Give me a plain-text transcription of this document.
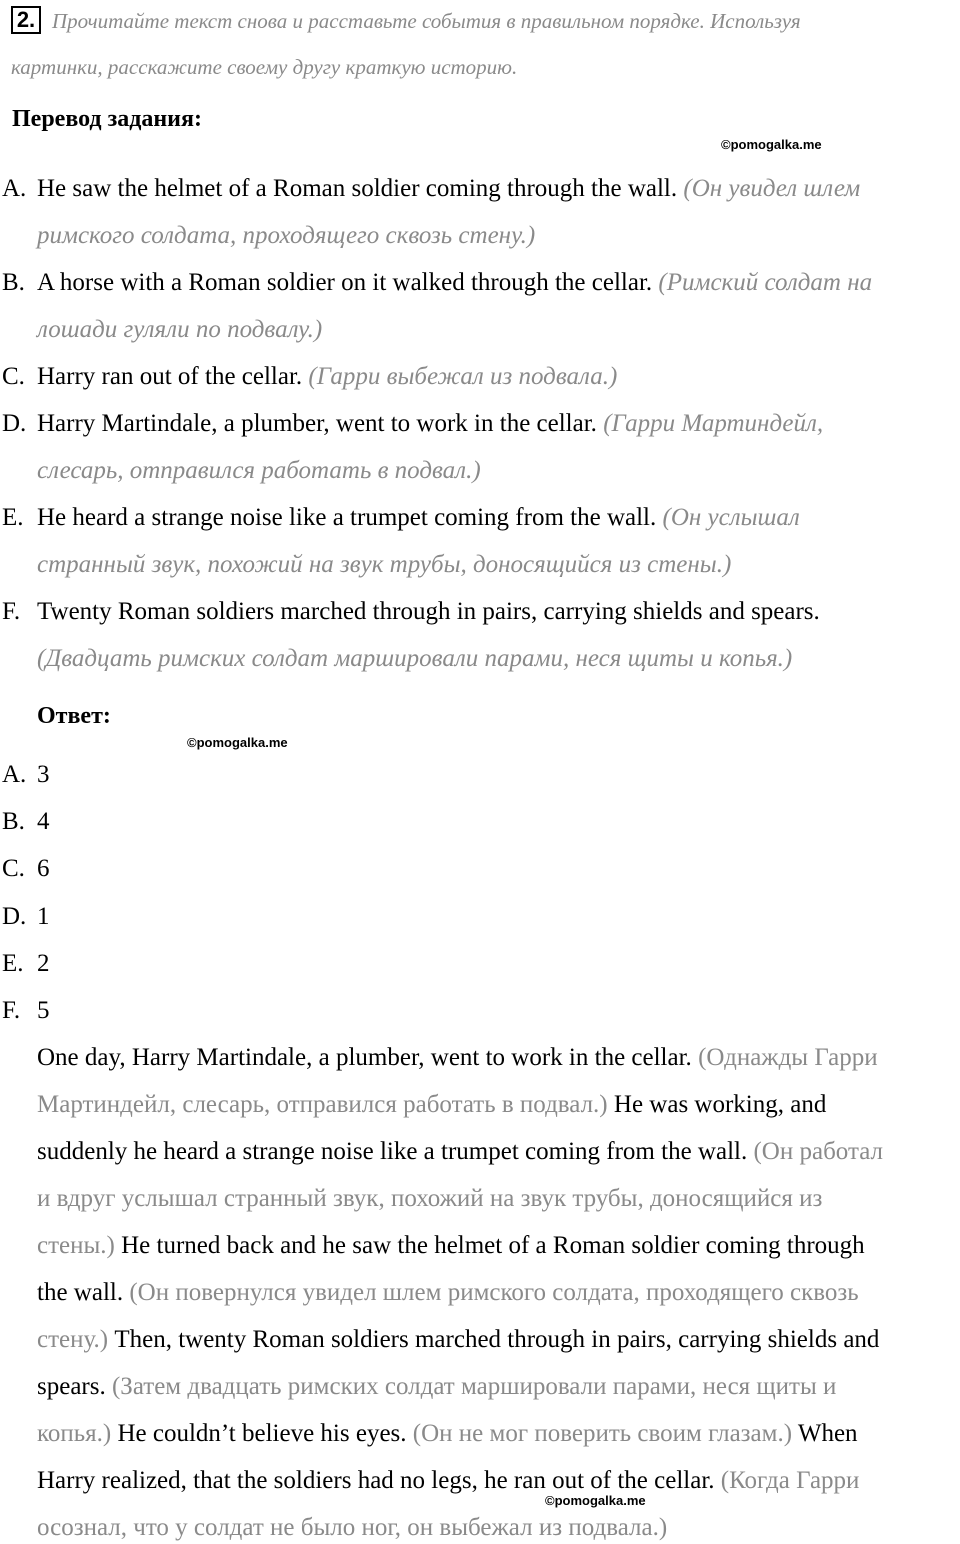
2. Прочитайте текст снова и расставьте события в правильном порядке. Используя
картинки, расскажите своему другу краткую историю.
Перевод задания:
©pomogalka.me
A. He saw the helmet of a Roman soldier coming through the wall. (Он увидел шлем
римского солдата, проходящего сквозь стену.)
B. A horse with a Roman soldier on it walked through the cellar. (Римский солдат на
лошади гуляли по подвалу.)
C. Harry ran out of the cellar. (Гарри выбежал из подвала.)
D. Harry Martindale, a plumber, went to work in the cellar. (Гарри Мартиндейл,
слесарь, отправился работать в подвал.)
E. He heard a strange noise like a trumpet coming from the wall. (Он услышал
странный звук, похожий на звук трубы, доносящийся из стены.)
F. Twenty Roman soldiers marched through in pairs, carrying shields and spears.
(Двадцать римских солдат маршировали парами, неся щиты и копья.)
Ответ:
©pomogalka.me
A. 3
B. 4
C. 6
D. 1
E. 2
F. 5
One day, Harry Martindale, a plumber, went to work in the cellar. (Однажды Гарри
Мартиндейл, слесарь, отправился работать в подвал.) He was working, and
suddenly he heard a strange noise like a trumpet coming from the wall. (Он работал
и вдруг услышал странный звук, похожий на звук трубы, доносящийся из
стены.) He turned back and he saw the helmet of a Roman soldier coming through
the wall. (Он повернулся увидел шлем римского солдата, проходящего сквозь
стену.) Then, twenty Roman soldiers marched through in pairs, carrying shields and
spears. (Затем двадцать римских солдат маршировали парами, неся щиты и
копья.) He couldn’t believe his eyes. (Он не мог поверить своим глазам.) When
Harry realized, that the soldiers had no legs, he ran out of the cellar. (Когда Гарри
©pomogalka.me
осознал, что у солдат не было ног, он выбежал из подвала.)
